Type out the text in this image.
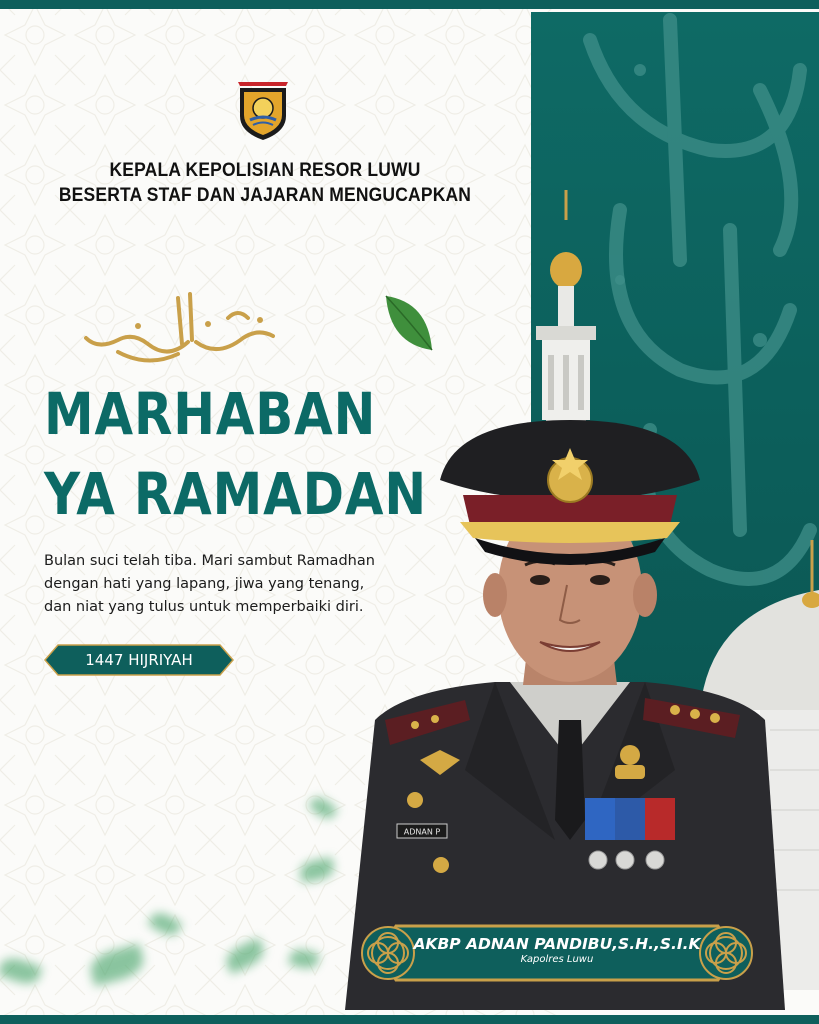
KEPALA KEPOLISIAN RESOR LUWU
BESERTA STAF DAN JAJARAN MENGUCAPKAN
MARHABAN
YA RAMADAN
Bulan suci telah tiba. Mari sambut Ramadhan
dengan hati yang lapang, jiwa yang tenang,
dan niat yang tulus untuk memperbaiki diri.
1447 HIJRIYAH
ADNAN P
AKBP ADNAN PANDIBU,S.H.,S.I.K
Kapolres Luwu
